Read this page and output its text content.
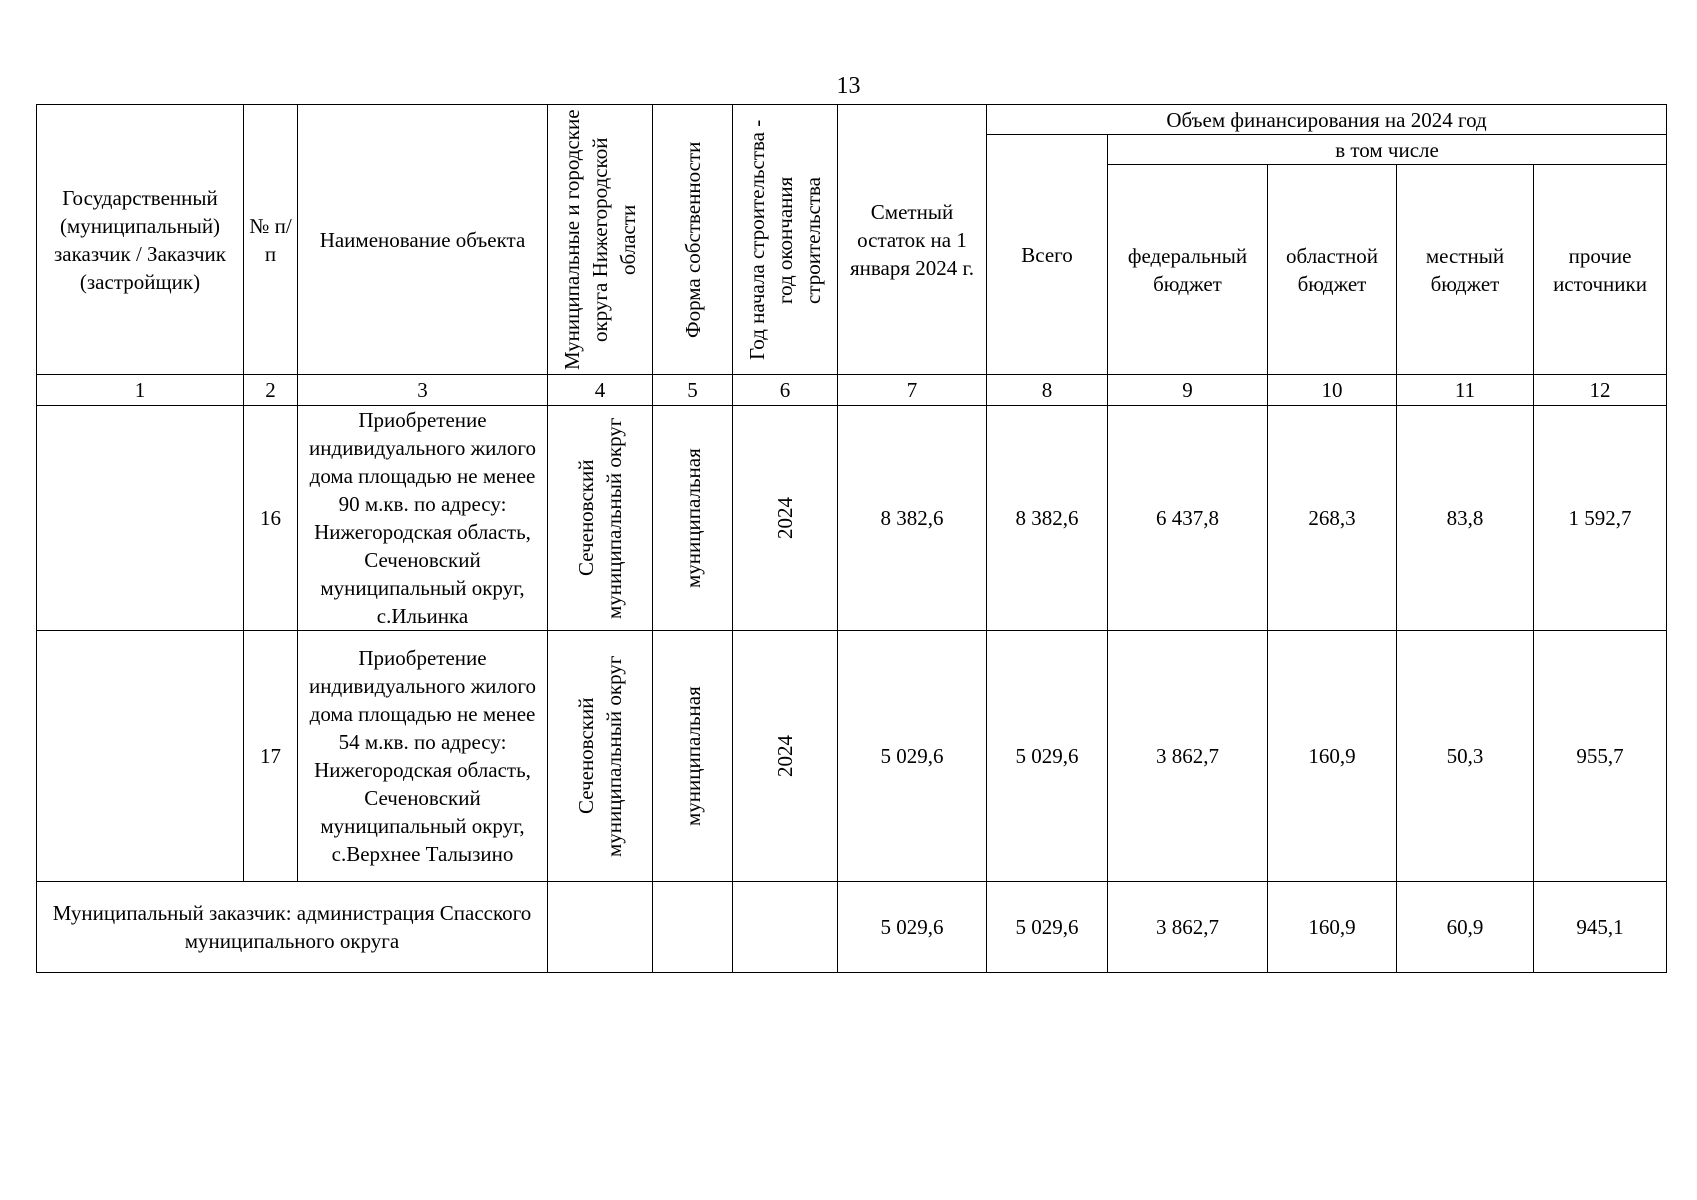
13
Государственный (муниципальный) заказчик / Заказчик (застройщик)	№ п/п	Наименование объекта	Муниципальные и городские округа Нижегородской области	Форма собственности	Год начала строительства - год окончания строительства	Сметный остаток на 1 января 2024 г.	Объем финансирования на 2024 год				
							Всего	в том числе			
								федеральный бюджет	областной бюджет	местный бюджет	прочие источники
1	2	3	4	5	6	7	8	9	10	11	12
	16	Приобретение индивидуального жилого дома площадью не менее 90 м.кв. по адресу: Нижегородская область, Сеченовский муниципальный округ, с.Ильинка	Сеченовский муниципальный округ	муниципальная	2024	8 382,6	8 382,6	6 437,8	268,3	83,8	1 592,7
	17	Приобретение индивидуального жилого дома площадью не менее 54 м.кв. по адресу: Нижегородская область, Сеченовский муниципальный округ, с.Верхнее Талызино	Сеченовский муниципальный округ	муниципальная	2024	5 029,6	5 029,6	3 862,7	160,9	50,3	955,7
Муниципальный заказчик: администрация Спасского муниципального округа						5 029,6	5 029,6	3 862,7	160,9	60,9	945,1
